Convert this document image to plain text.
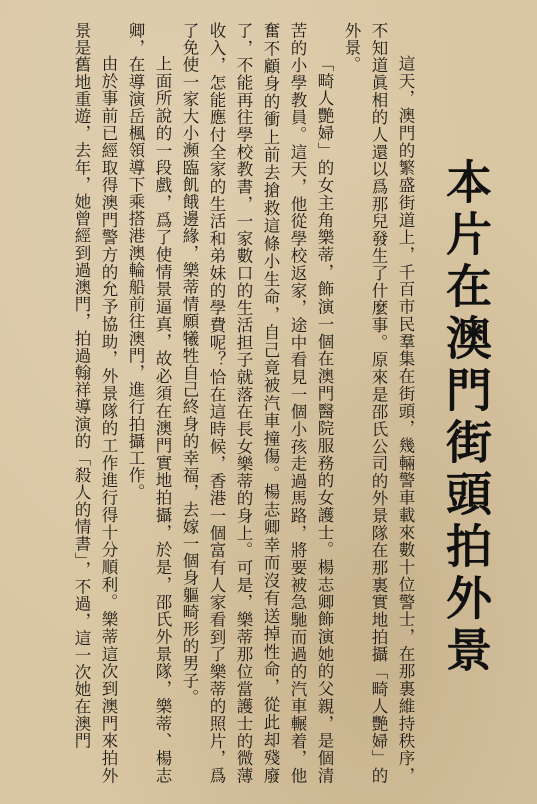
這天，澳門的繁盛街道上，千百市民羣集在街頭，幾輛警車載來數十位警士，在那裏維持秩序，不知道眞相的人還以爲那兒發生了什麼事。原來是邵氏公司的外景隊在那裏實地拍攝「畸人艷婦」的外景。

「畸人艷婦」的女主角樂蒂，飾演一個在澳門醫院服務的女護士。楊志卿飾演她的父親，是個清苦的小學教員。這天，他從學校返家，途中看見一個小孩走過馬路，將要被急馳而過的汽車輾着，他奮不顧身的衝上前去搶救這條小生命，自己竟被汽車撞傷。楊志卿幸而沒有送掉性命，從此却殘廢了，不能再往學校教書，一家數口的生活担子就落在長女樂蒂的身上。可是，樂蒂那位當護士的微薄收入，怎能應付全家的生活和弟妹的學費呢？恰在這時候，香港一個富有人家看到了樂蒂的照片，爲了免使一家大小瀕臨飢餓邊緣，樂蒂情願犧牲自己終身的幸福，去嫁一個身軀畸形的男子。

上面所說的一段戲，爲了使情景逼真，故必須在澳門實地拍攝，於是，邵氏外景隊，樂蒂、楊志卿，在導演岳楓領導下乘搭港澳輪船前往澳門，進行拍攝工作。

由於事前已經取得澳門警方的允予協助，外景隊的工作進行得十分順利。樂蒂這次到澳門來拍外景是舊地重遊，去年，她曾經到過澳門，拍過翰祥導演的「殺人的情書」，不過，這一次她在澳門	本片在澳門街頭拍外景
